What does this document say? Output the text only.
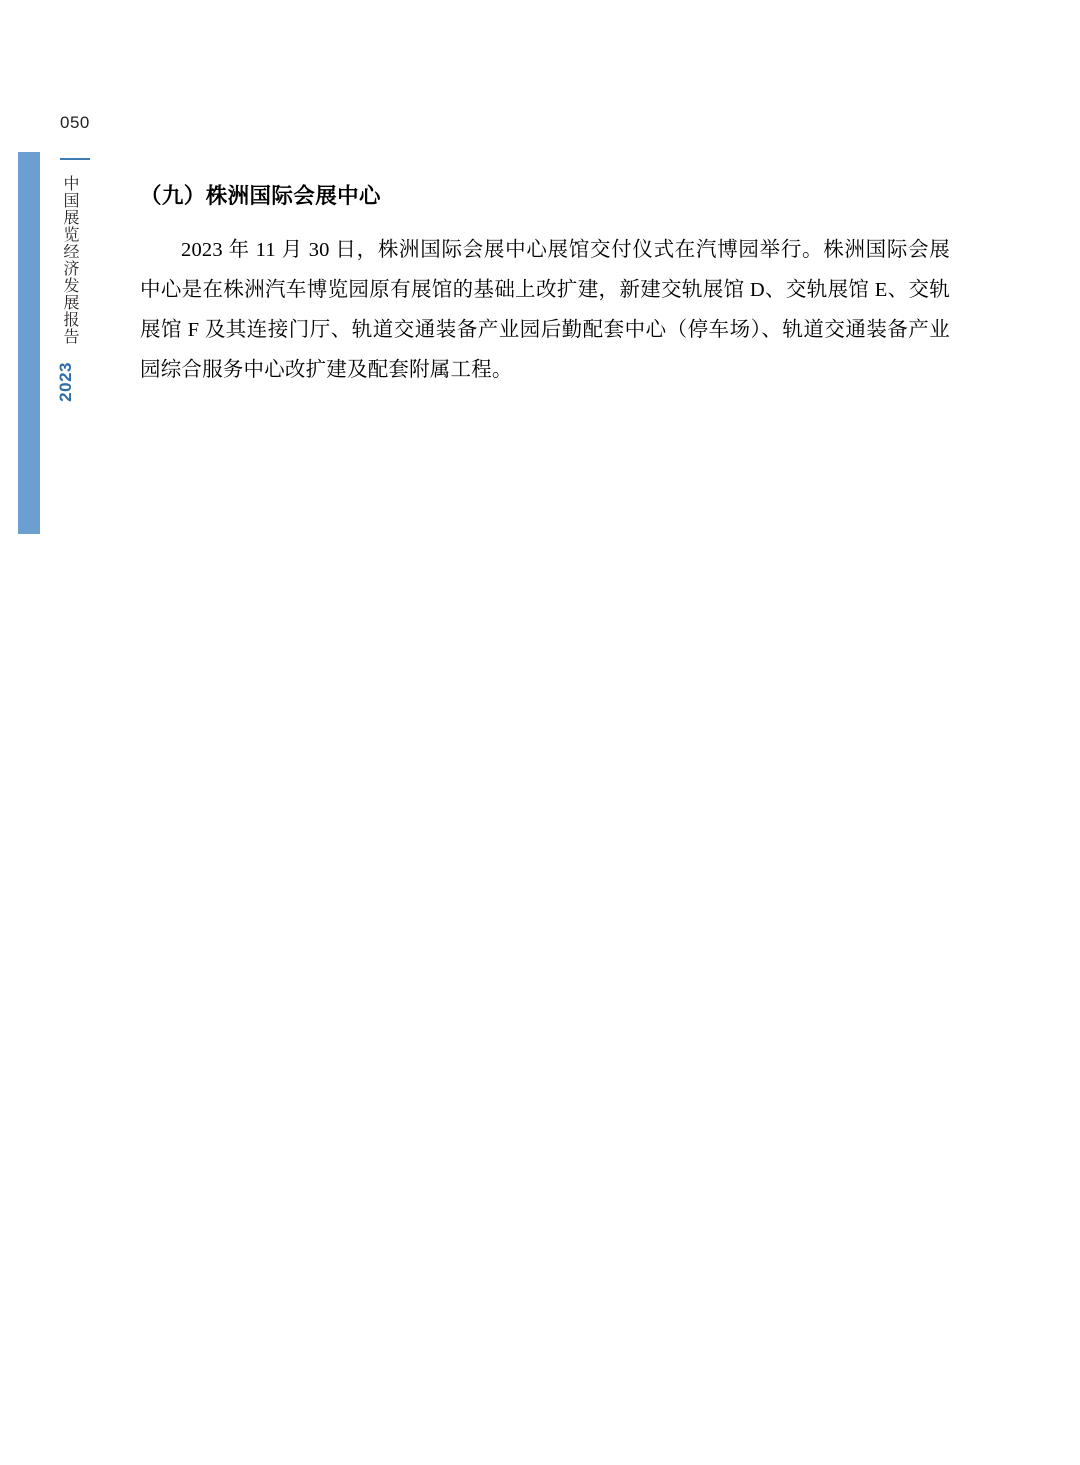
050
中国展览经济发展报告
2023
（九）株洲国际会展中心

2023 年 11 月 30 日，株洲国际会展中心展馆交付仪式在汽博园举行。株洲国际会展中心是在株洲汽车博览园原有展馆的基础上改扩建，新建交轨展馆 D、交轨展馆 E、交轨展馆 F 及其连接门厅、轨道交通装备产业园后勤配套中心（停车场）、轨道交通装备产业园综合服务中心改扩建及配套附属工程。
